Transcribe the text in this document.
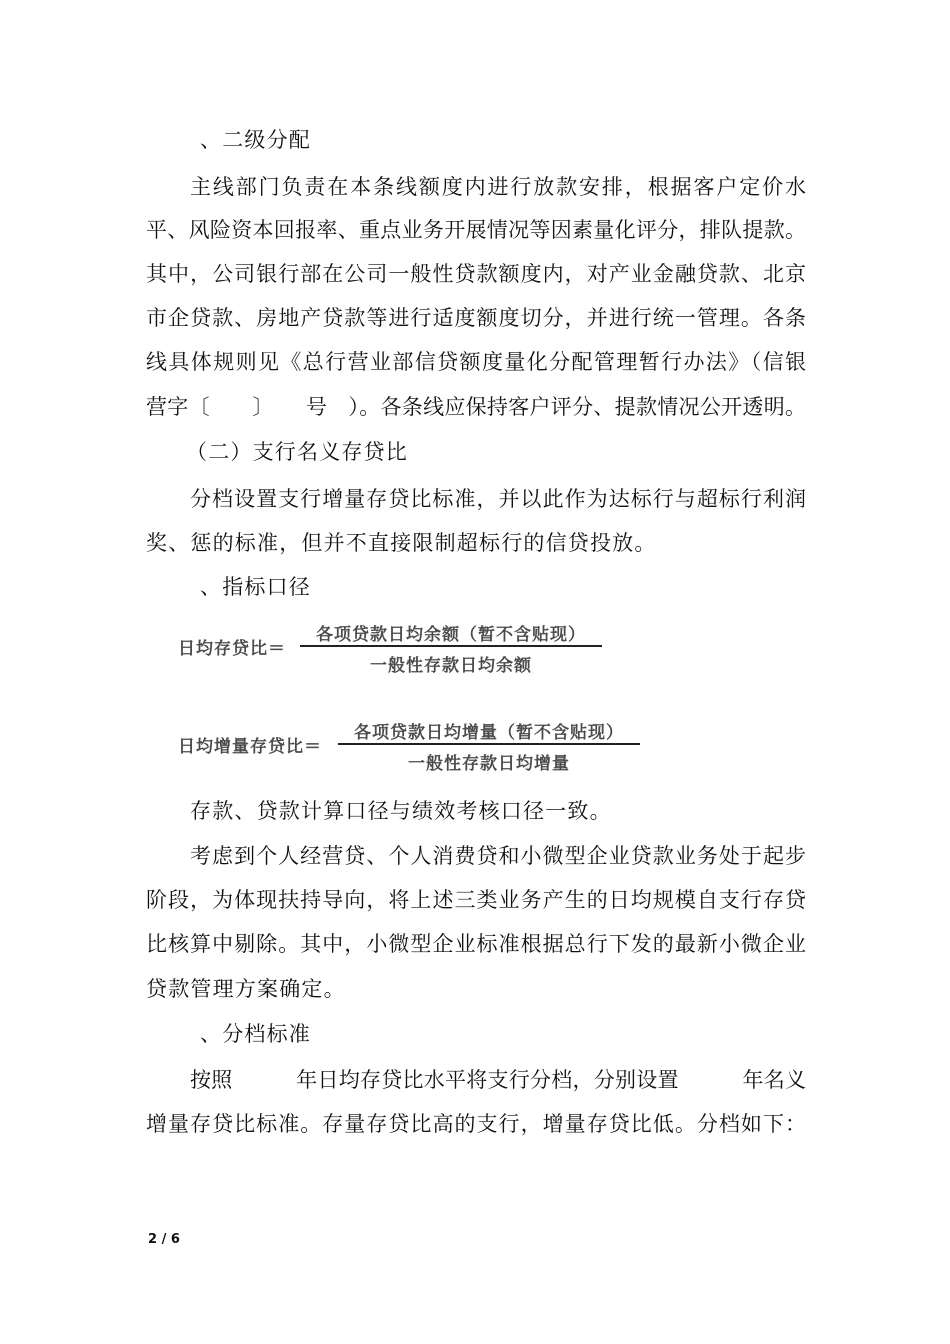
、二级分配
主线部门负责在本条线额度内进行放款安排，根据客户定价水
平、风险资本回报率、重点业务开展情况等因素量化评分，排队提款。
其中，公司银行部在公司一般性贷款额度内，对产业金融贷款、北京
市企贷款、房地产贷款等进行适度额度切分，并进行统一管理。各条
线具体规则见《总行营业部信贷额度量化分配管理暂行办法》（信银
营字〔　　〕　　号　）。各条线应保持客户评分、提款情况公开透明。
（二）支行名义存贷比
分档设置支行增量存贷比标准，并以此作为达标行与超标行利润
奖、惩的标准，但并不直接限制超标行的信贷投放。
、指标口径
日均存贷比＝
各项贷款日均余额（暂不含贴现）
一般性存款日均余额
日均增量存贷比＝
各项贷款日均增量（暂不含贴现）
一般性存款日均增量
存款、贷款计算口径与绩效考核口径一致。
考虑到个人经营贷、个人消费贷和小微型企业贷款业务处于起步
阶段，为体现扶持导向，将上述三类业务产生的日均规模自支行存贷
比核算中剔除。其中，小微型企业标准根据总行下发的最新小微企业
贷款管理方案确定。
、分档标准
按照　　　年日均存贷比水平将支行分档，分别设置　　　年名义
增量存贷比标准。存量存贷比高的支行，增量存贷比低。分档如下：
2 / 6
